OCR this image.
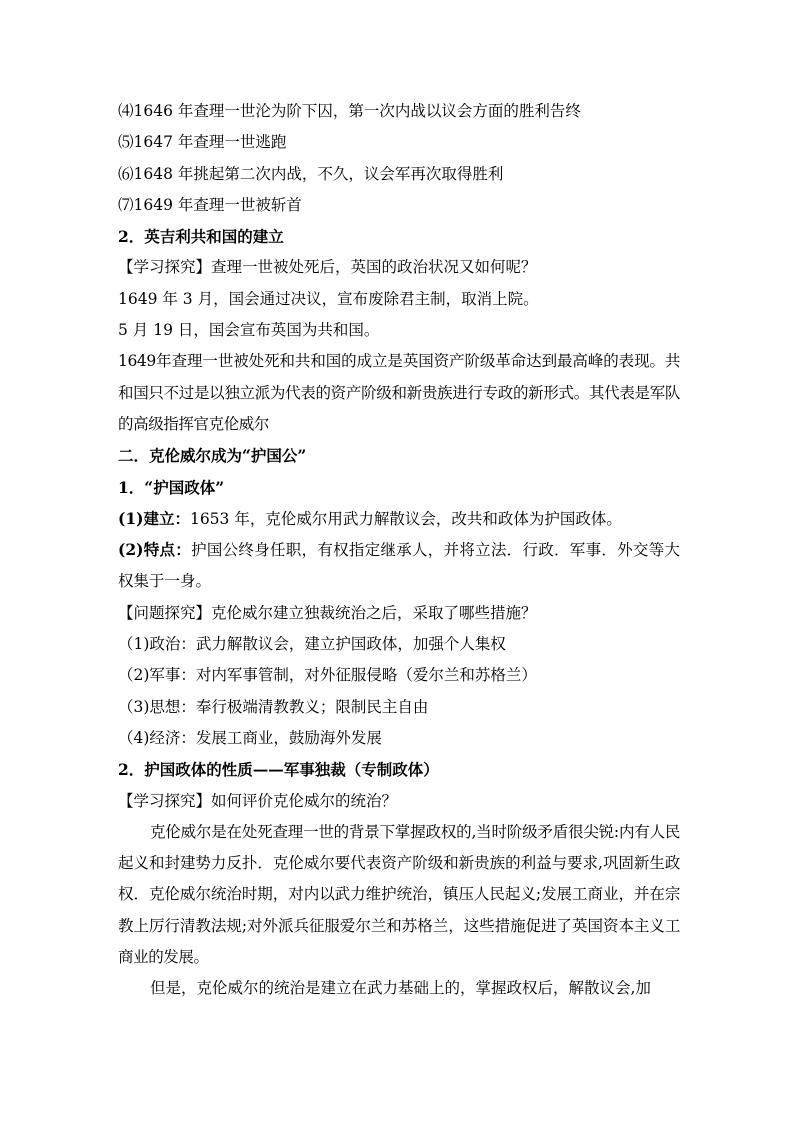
⑷1646 年查理一世沦为阶下囚，第一次内战以议会方面的胜利告终
⑸1647 年查理一世逃跑
⑹1648 年挑起第二次内战，不久，议会军再次取得胜利
⑺1649 年查理一世被斩首
2．英吉利共和国的建立
【学习探究】查理一世被处死后，英国的政治状况又如何呢？
1649 年 3 月，国会通过决议，宣布废除君主制，取消上院。
5 月 19 日，国会宣布英国为共和国。
1649年查理一世被处死和共和国的成立是英国资产阶级革命达到最高峰的表现。共和国只不过是以独立派为代表的资产阶级和新贵族进行专政的新形式。其代表是军队的高级指挥官克伦威尔
二．克伦威尔成为“护国公”
1．“护国政体”
(1)建立：1653 年，克伦威尔用武力解散议会，改共和政体为护国政体。
(2)特点：护国公终身任职，有权指定继承人，并将立法．行政．军事．外交等大权集于一身。
【问题探究】克伦威尔建立独裁统治之后，采取了哪些措施？
（1)政治：武力解散议会，建立护国政体，加强个人集权
（2)军事：对内军事管制，对外征服侵略（爱尔兰和苏格兰）
（3)思想：奉行极端清教教义；限制民主自由
（4)经济：发展工商业，鼓励海外发展
2．护国政体的性质——军事独裁（专制政体）
【学习探究】如何评价克伦威尔的统治？
克伦威尔是在处死查理一世的背景下掌握政权的,当时阶级矛盾很尖锐:内有人民起义和封建势力反扑．克伦威尔要代表资产阶级和新贵族的利益与要求,巩固新生政权．克伦威尔统治时期，对内以武力维护统治，镇压人民起义;发展工商业，并在宗教上厉行清教法规;对外派兵征服爱尔兰和苏格兰，这些措施促进了英国资本主义工商业的发展。
但是，克伦威尔的统治是建立在武力基础上的，掌握政权后，解散议会,加
